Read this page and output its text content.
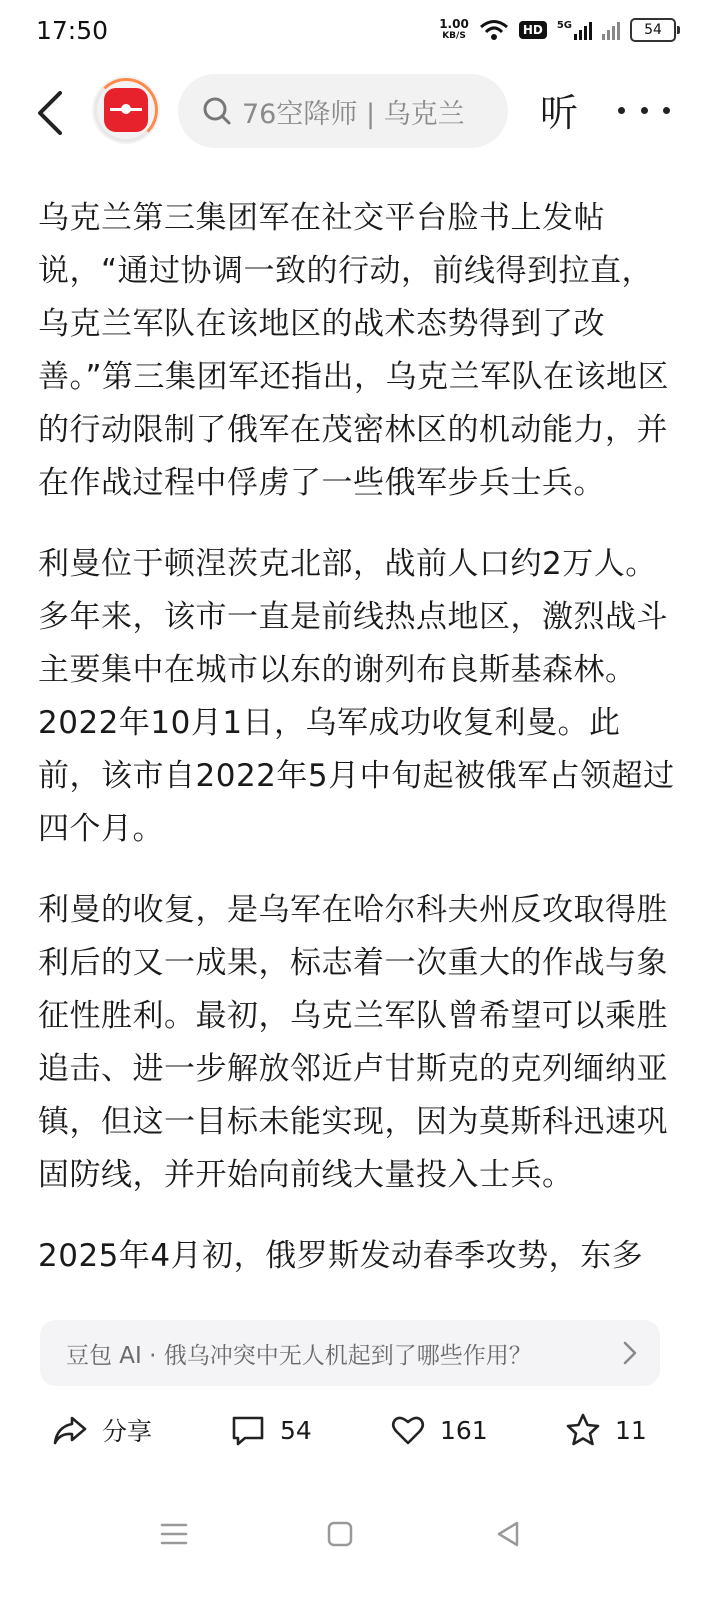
17:50	1.00
KB/S	HD	5G	54
76空降师 | 乌克兰 听

乌克兰第三集团军在社交平台脸书上发帖说，“通过协调一致的行动，前线得到拉直，乌克兰军队在该地区的战术态势得到了改善。”第三集团军还指出，乌克兰军队在该地区的行动限制了俄军在茂密林区的机动能力，并在作战过程中俘虏了一些俄军步兵士兵。

利曼位于顿涅茨克北部，战前人口约2万人。多年来，该市一直是前线热点地区，激烈战斗主要集中在城市以东的谢列布良斯基森林。2022年10月1日，乌军成功收复利曼。此前，该市自2022年5月中旬起被俄军占领超过四个月。

利曼的收复，是乌军在哈尔科夫州反攻取得胜利后的又一成果，标志着一次重大的作战与象征性胜利。最初，乌克兰军队曾希望可以乘胜追击、进一步解放邻近卢甘斯克的克列缅纳亚镇，但这一目标未能实现，因为莫斯科迅速巩固防线，并开始向前线大量投入士兵。

2025年4月初，俄罗斯发动春季攻势，东多

豆包 AI · 俄乌冲突中无人机起到了哪些作用？
分享	54	161	11
